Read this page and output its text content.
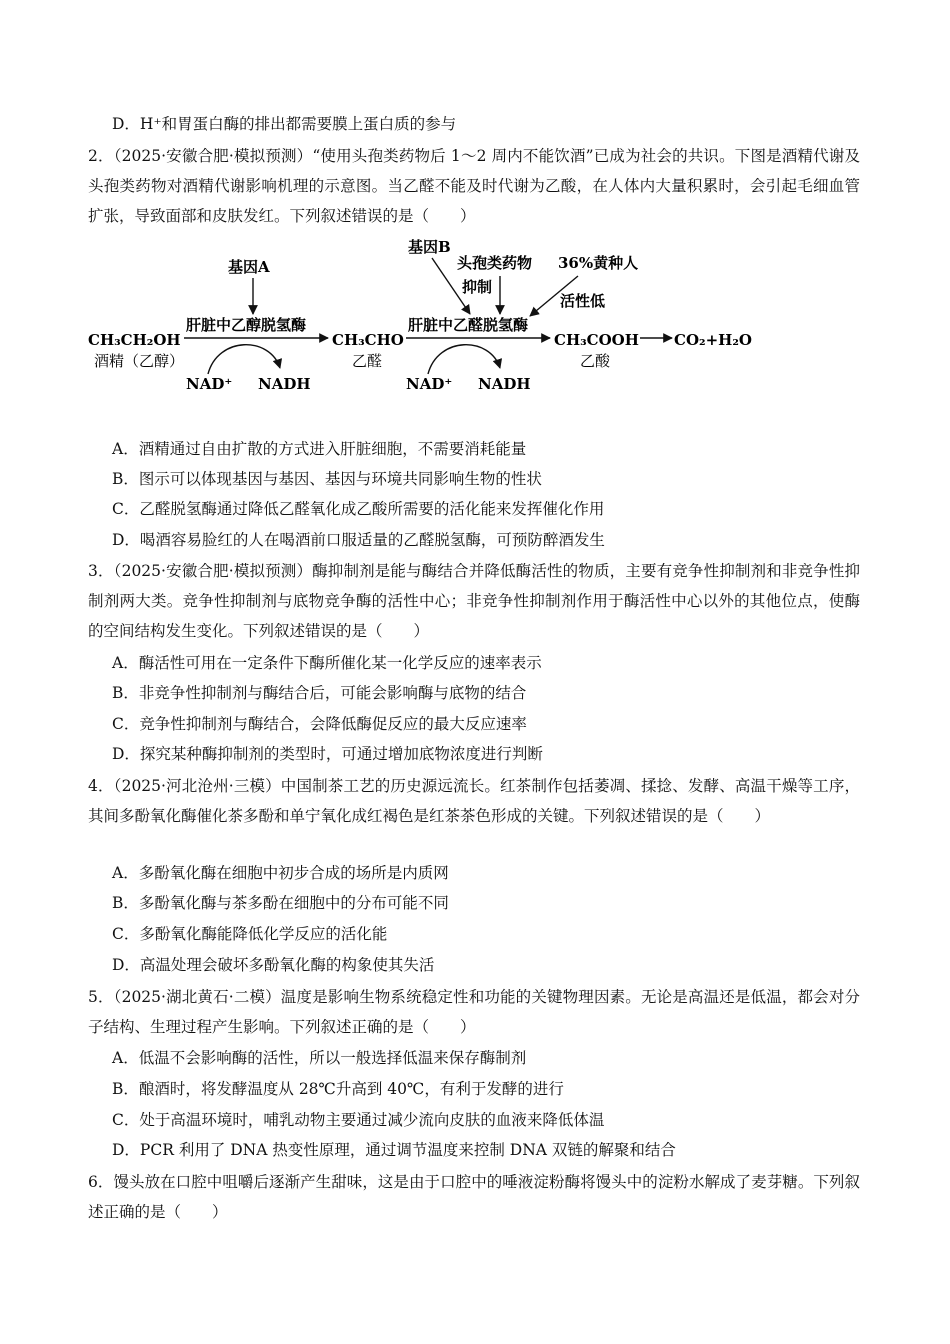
D．H⁺和胃蛋白酶的排出都需要膜上蛋白质的参与
2．（2025·安徽合肥·模拟预测）“使用头孢类药物后 1～2 周内不能饮酒”已成为社会的共识。下图是酒精代谢及头孢类药物对酒精代谢影响机理的示意图。当乙醛不能及时代谢为乙酸，在人体内大量积累时，会引起毛细血管扩张，导致面部和皮肤发红。下列叙述错误的是（　　）
基因A
基因B
头孢类药物
抑制
36%黄种人
活性低
CH₃CH₂OH
酒精（乙醇）
肝脏中乙醇脱氢酶
CH₃CHO
乙醛
肝脏中乙醛脱氢酶
CH₃COOH
乙酸
CO₂+H₂O
NAD⁺ NADH	NAD⁺ NADH
A．酒精通过自由扩散的方式进入肝脏细胞，不需要消耗能量
B．图示可以体现基因与基因、基因与环境共同影响生物的性状
C．乙醛脱氢酶通过降低乙醛氧化成乙酸所需要的活化能来发挥催化作用
D．喝酒容易脸红的人在喝酒前口服适量的乙醛脱氢酶，可预防醉酒发生
3．（2025·安徽合肥·模拟预测）酶抑制剂是能与酶结合并降低酶活性的物质，主要有竞争性抑制剂和非竞争性抑制剂两大类。竞争性抑制剂与底物竞争酶的活性中心；非竞争性抑制剂作用于酶活性中心以外的其他位点，使酶的空间结构发生变化。下列叙述错误的是（　　）
A．酶活性可用在一定条件下酶所催化某一化学反应的速率表示
B．非竞争性抑制剂与酶结合后，可能会影响酶与底物的结合
C．竞争性抑制剂与酶结合，会降低酶促反应的最大反应速率
D．探究某种酶抑制剂的类型时，可通过增加底物浓度进行判断
4．（2025·河北沧州·三模）中国制茶工艺的历史源远流长。红茶制作包括萎凋、揉捻、发酵、高温干燥等工序，其间多酚氧化酶催化茶多酚和单宁氧化成红褐色是红茶茶色形成的关键。下列叙述错误的是（　　）
A．多酚氧化酶在细胞中初步合成的场所是内质网
B．多酚氧化酶与茶多酚在细胞中的分布可能不同
C．多酚氧化酶能降低化学反应的活化能
D．高温处理会破坏多酚氧化酶的构象使其失活
5．（2025·湖北黄石·二模）温度是影响生物系统稳定性和功能的关键物理因素。无论是高温还是低温，都会对分子结构、生理过程产生影响。下列叙述正确的是（　　）
A．低温不会影响酶的活性，所以一般选择低温来保存酶制剂
B．酿酒时，将发酵温度从 28℃升高到 40℃，有利于发酵的进行
C．处于高温环境时，哺乳动物主要通过减少流向皮肤的血液来降低体温
D．PCR 利用了 DNA 热变性原理，通过调节温度来控制 DNA 双链的解聚和结合
6．馒头放在口腔中咀嚼后逐渐产生甜味，这是由于口腔中的唾液淀粉酶将馒头中的淀粉水解成了麦芽糖。下列叙述正确的是（　　）
